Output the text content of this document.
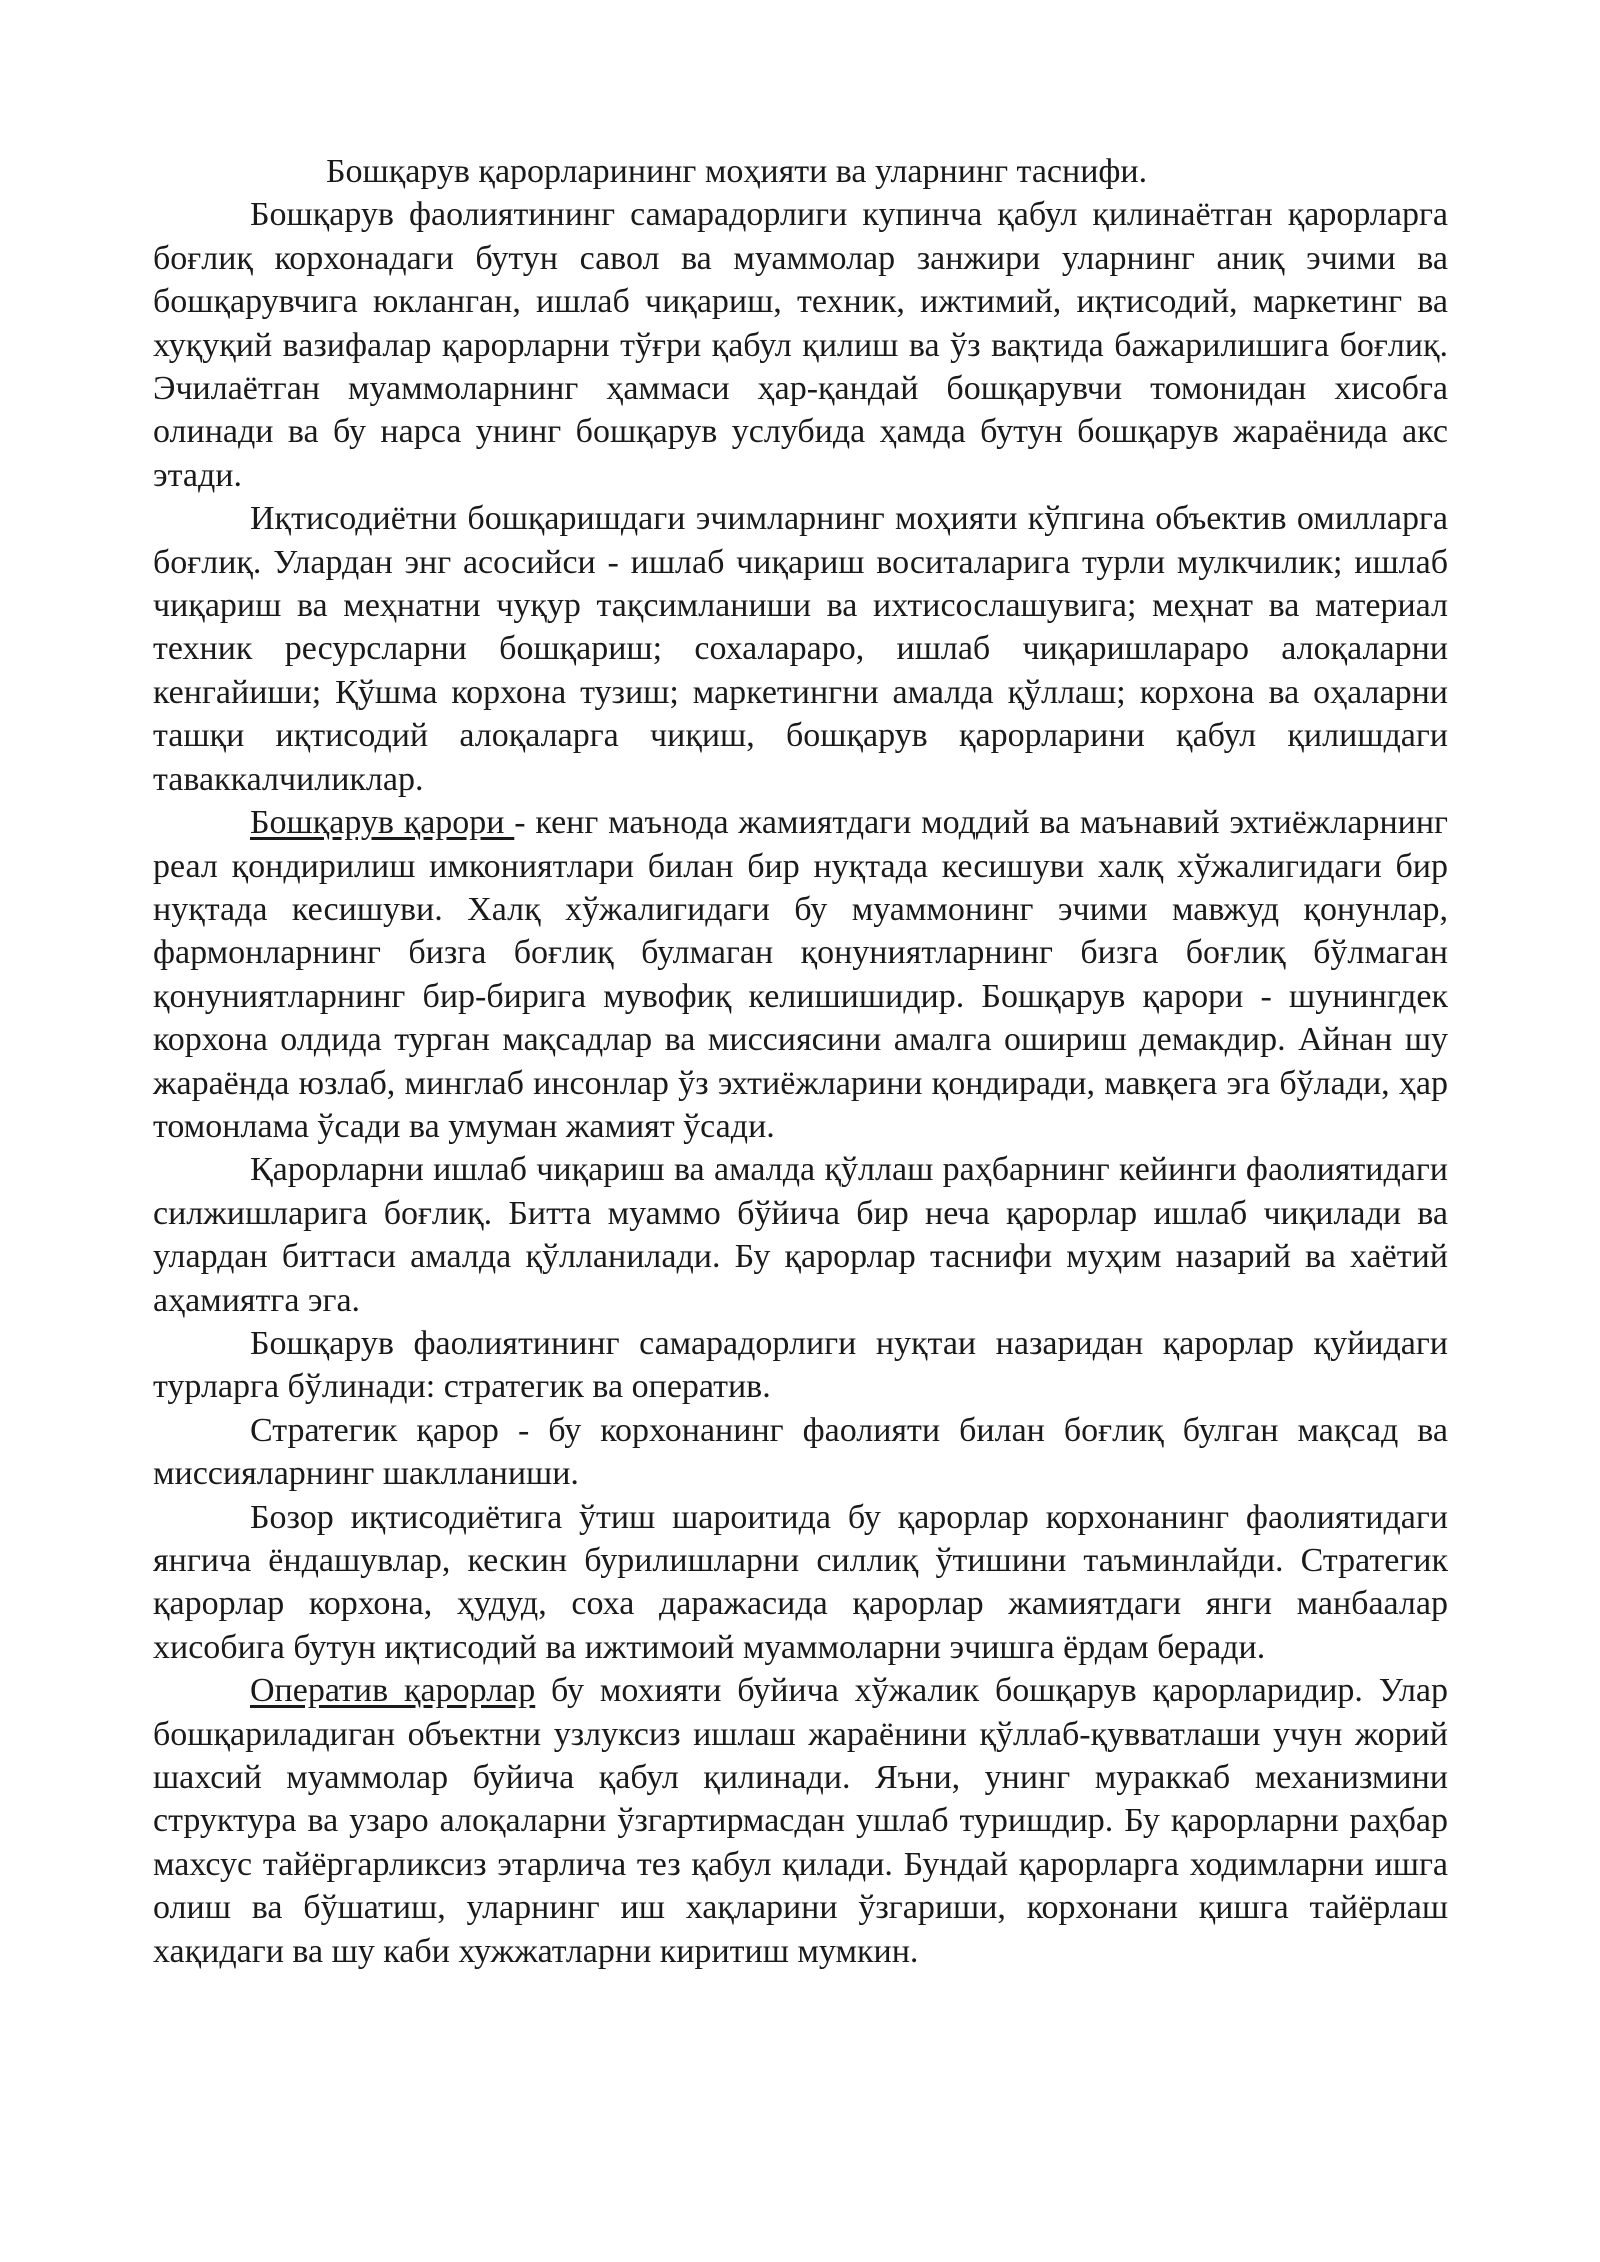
Бошқарув қарорларининг моҳияти ва уларнинг таснифи.

Бошқарув фаолиятининг самарадорлиги купинча қабул қилинаётган қарорларга боғлиқ корхонадаги бутун савол ва муаммолар занжири уларнинг аниқ эчими ва бошқарувчига юкланган, ишлаб чиқариш, техник, ижтимий, иқтисодий, маркетинг ва хуқуқий вазифалар қарорларни тўғри қабул қилиш ва ўз вақтида бажарилишига боғлиқ. Эчилаётган муаммоларнинг ҳаммаси ҳар-қандай бошқарувчи томонидан хисобга олинади ва бу нарса унинг бошқарув услубида ҳамда бутун бошқарув жараёнида акс этади.

Иқтисодиётни бошқаришдаги эчимларнинг моҳияти кўпгина объектив омилларга боғлиқ. Улардан энг асосийси - ишлаб чиқариш воситаларига турли мулкчилик; ишлаб чиқариш ва меҳнатни чуқур тақсимланиши ва ихтисослашувига; меҳнат ва материал техник ресурсларни бошқариш; сохалараро, ишлаб чиқаришлараро алоқаларни кенгайиши; Қўшма корхона тузиш; маркетингни амалда қўллаш; корхона ва оҳаларни ташқи иқтисодий алоқаларга чиқиш, бошқарув қарорларини қабул қилишдаги таваккалчиликлар.

Бошқарув қарори - кенг маънода жамиятдаги моддий ва маънавий эхтиёжларнинг реал қондирилиш имкониятлари билан бир нуқтада кесишуви халқ хўжалигидаги бир нуқтада кесишуви. Халқ хўжалигидаги бу муаммонинг эчими мавжуд қонунлар, фармонларнинг бизга боғлиқ булмаган қонуниятларнинг бизга боғлиқ бўлмаган қонуниятларнинг бир-бирига мувофиқ келишишидир. Бошқарув қарори - шунингдек корхона олдида турган мақсадлар ва миссиясини амалга ошириш демакдир. Айнан шу жараёнда юзлаб, минглаб инсонлар ўз эхтиёжларини қондиради, мавқега эга бўлади, ҳар томонлама ўсади ва умуман жамият ўсади.

Қарорларни ишлаб чиқариш ва амалда қўллаш раҳбарнинг кейинги фаолиятидаги силжишларига боғлиқ. Битта муаммо бўйича бир неча қарорлар ишлаб чиқилади ва улардан биттаси амалда қўлланилади. Бу қарорлар таснифи муҳим назарий ва хаётий аҳамиятга эга.

Бошқарув фаолиятининг самарадорлиги нуқтаи назаридан қарорлар қуйидаги турларга бўлинади: стратегик ва оператив.

Стратегик қарор - бу корхонанинг фаолияти билан боғлиқ булган мақсад ва миссияларнинг шаклланиши.

Бозор иқтисодиётига ўтиш шароитида бу қарорлар корхонанинг фаолиятидаги янгича ёндашувлар, кескин бурилишларни силлиқ ўтишини таъминлайди. Стратегик қарорлар корхона, ҳудуд, соха даражасида қарорлар жамиятдаги янги манбаалар хисобига бутун иқтисодий ва ижтимоий муаммоларни эчишга ёрдам беради.

Оператив қарорлар бу мохияти буйича хўжалик бошқарув қарорларидир. Улар бошқариладиган объектни узлуксиз ишлаш жараёнини қўллаб-қувватлаши учун жорий шахсий муаммолар буйича қабул қилинади. Яъни, унинг мураккаб механизмини структура ва узаро алоқаларни ўзгартирмасдан ушлаб туришдир. Бу қарорларни раҳбар махсус тайёргарликсиз этарлича тез қабул қилади. Бундай қарорларга ходимларни ишга олиш ва бўшатиш, уларнинг иш хақларини ўзгариши, корхонани қишга тайёрлаш хақидаги ва шу каби хужжатларни киритиш мумкин.
